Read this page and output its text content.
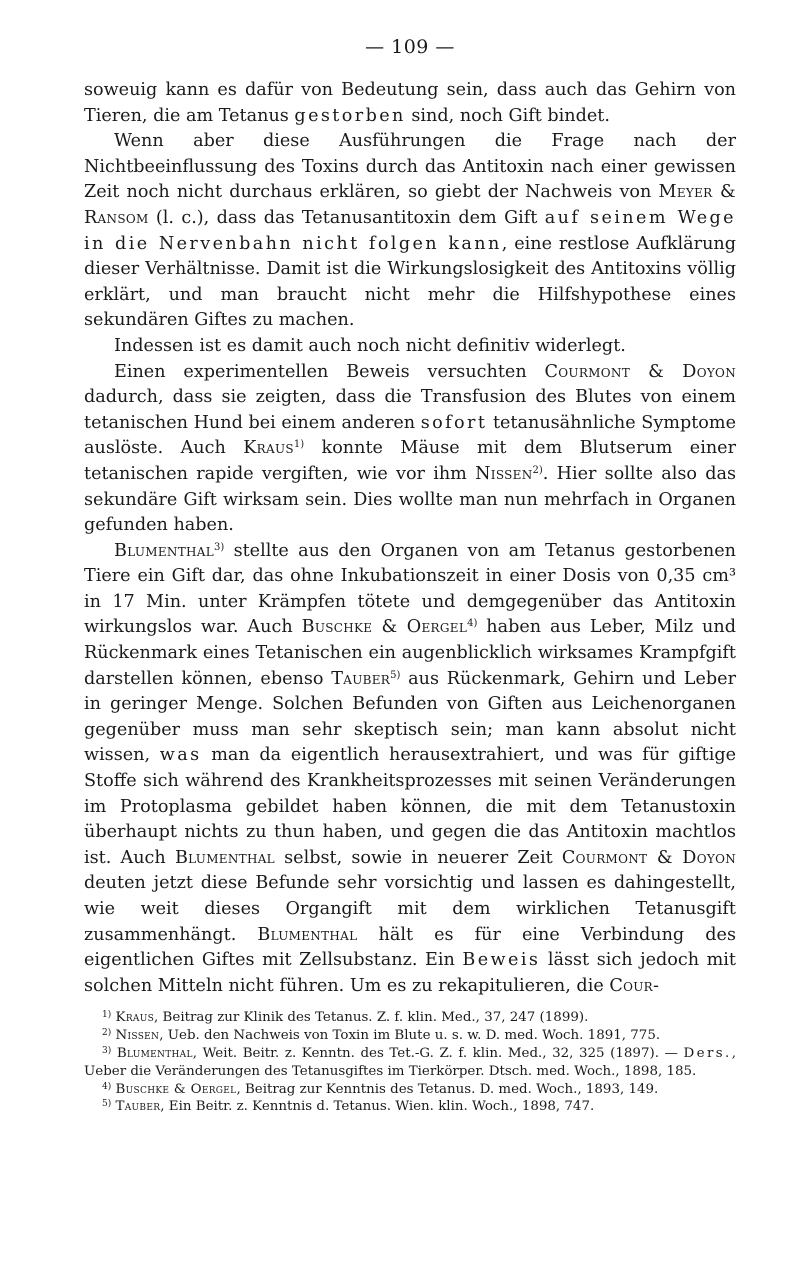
— 109 —

soweuig kann es dafür von Bedeutung sein, dass auch das Gehirn von Tieren, die am Tetanus gestorben sind, noch Gift bindet.

Wenn aber diese Ausführungen die Frage nach der Nichtbeeinflussung des Toxins durch das Antitoxin nach einer gewissen Zeit noch nicht durchaus erklären, so giebt der Nachweis von Meyer & Ransom (l. c.), dass das Tetanusantitoxin dem Gift auf seinem Wege in die Nervenbahn nicht folgen kann, eine restlose Aufklärung dieser Verhältnisse. Damit ist die Wirkungslosigkeit des Antitoxins völlig erklärt, und man braucht nicht mehr die Hilfshypothese eines sekundären Giftes zu machen.

Indessen ist es damit auch noch nicht definitiv widerlegt.

Einen experimentellen Beweis versuchten Courmont & Doyon dadurch, dass sie zeigten, dass die Transfusion des Blutes von einem tetanischen Hund bei einem anderen sofort tetanusähnliche Symptome auslöste. Auch Kraus$^{1)}$ konnte Mäuse mit dem Blutserum einer tetanischen rapide vergiften, wie vor ihm Nissen$^{2)}$. Hier sollte also das sekundäre Gift wirksam sein. Dies wollte man nun mehrfach in Organen gefunden haben.

Blumenthal$^{3)}$ stellte aus den Organen von am Tetanus gestorbenen Tiere ein Gift dar, das ohne Inkubationszeit in einer Dosis von 0,35 cm³ in 17 Min. unter Krämpfen tötete und demgegenüber das Antitoxin wirkungslos war. Auch Buschke & Oergel$^{4)}$ haben aus Leber, Milz und Rückenmark eines Tetanischen ein augenblicklich wirksames Krampfgift darstellen können, ebenso Tauber$^{5)}$ aus Rückenmark, Gehirn und Leber in geringer Menge. Solchen Befunden von Giften aus Leichenorganen gegenüber muss man sehr skeptisch sein; man kann absolut nicht wissen, was man da eigentlich herausextrahiert, und was für giftige Stoffe sich während des Krankheitsprozesses mit seinen Veränderungen im Protoplasma gebildet haben können, die mit dem Tetanustoxin überhaupt nichts zu thun haben, und gegen die das Antitoxin machtlos ist. Auch Blumenthal selbst, sowie in neuerer Zeit Courmont & Doyon deuten jetzt diese Befunde sehr vorsichtig und lassen es dahingestellt, wie weit dieses Organgift mit dem wirklichen Tetanusgift zusammenhängt. Blumenthal hält es für eine Verbindung des eigentlichen Giftes mit Zellsubstanz. Ein Beweis lässt sich jedoch mit solchen Mitteln nicht führen. Um es zu rekapitulieren, die Cour-

$^{1)}$ Kraus, Beitrag zur Klinik des Tetanus. Z. f. klin. Med., 37, 247 (1899).

$^{2)}$ Nissen, Ueb. den Nachweis von Toxin im Blute u. s. w. D. med. Woch. 1891, 775.

$^{3)}$ Blumenthal, Weit. Beitr. z. Kenntn. des Tet.-G. Z. f. klin. Med., 32, 325 (1897). — Ders., Ueber die Veränderungen des Tetanusgiftes im Tierkörper. Dtsch. med. Woch., 1898, 185.

$^{4)}$ Buschke & Oergel, Beitrag zur Kenntnis des Tetanus. D. med. Woch., 1893, 149.

$^{5)}$ Tauber, Ein Beitr. z. Kenntnis d. Tetanus. Wien. klin. Woch., 1898, 747.
